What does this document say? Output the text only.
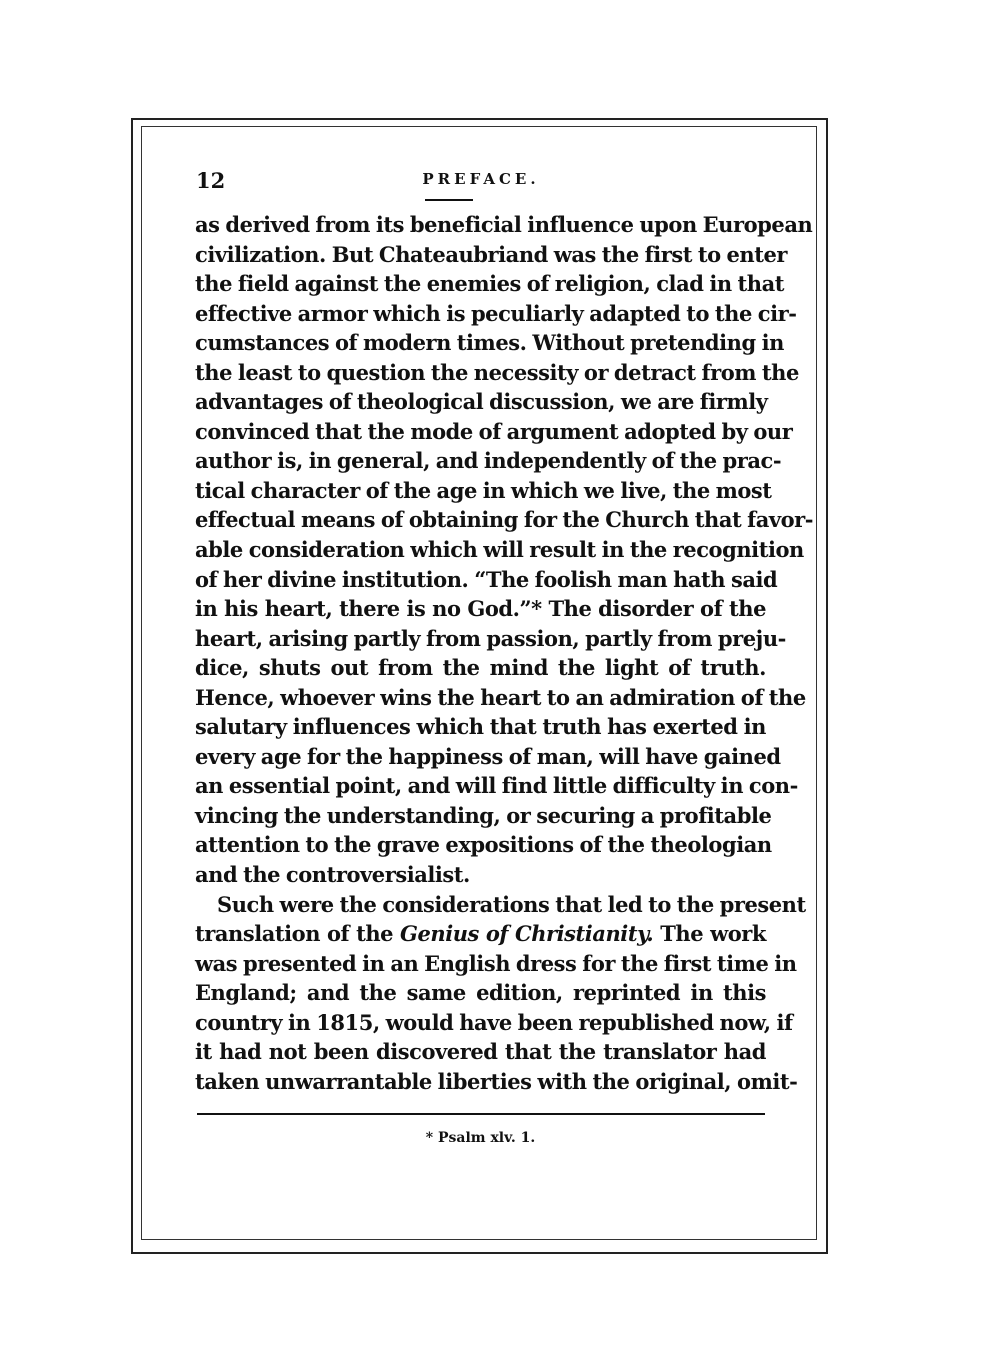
12	PREFACE.
as derived from its beneficial influence upon European
civilization. But Chateaubriand was the first to enter
the field against the enemies of religion, clad in that
effective armor which is peculiarly adapted to the cir-
cumstances of modern times. Without pretending in
the least to question the necessity or detract from the
advantages of theological discussion, we are firmly
convinced that the mode of argument adopted by our
author is, in general, and independently of the prac-
tical character of the age in which we live, the most
effectual means of obtaining for the Church that favor-
able consideration which will result in the recognition
of her divine institution. “The foolish man hath said
in his heart, there is no God.”* The disorder of the
heart, arising partly from passion, partly from preju-
dice, shuts out from the mind the light of truth.
Hence, whoever wins the heart to an admiration of the
salutary influences which that truth has exerted in
every age for the happiness of man, will have gained
an essential point, and will find little difficulty in con-
vincing the understanding, or securing a profitable
attention to the grave expositions of the theologian
and the controversialist.
Such were the considerations that led to the present
translation of the Genius of Christianity. The work
was presented in an English dress for the first time in
England; and the same edition, reprinted in this
country in 1815, would have been republished now, if
it had not been discovered that the translator had
taken unwarrantable liberties with the original, omit-
* Psalm xlv. 1.
